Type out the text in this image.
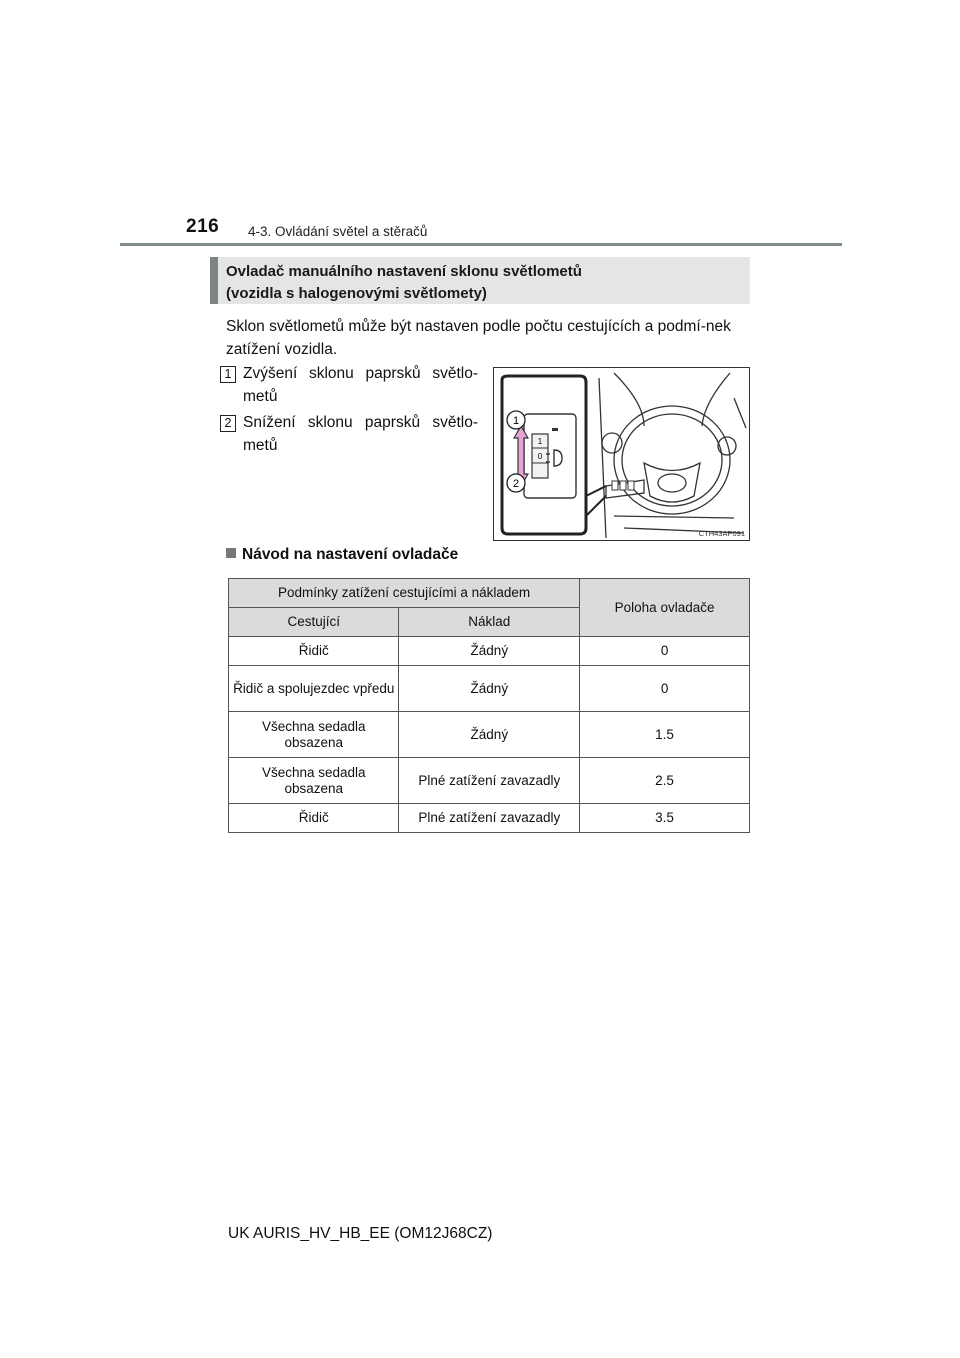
216 4-3. Ovládání světel a stěračů
Ovladač manuálního nastavení sklonu světlometů
(vozidla s halogenovými světlomety)
Sklon světlometů může být nastaven podle počtu cestujících a podmí-nek zatížení vozidla.
1 Zvýšení sklonu paprsků světlo-metů
2 Snížení sklonu paprsků světlo-metů
1
2
1
0
CTH43AP091
Návod na nastavení ovladače
Podmínky zatížení cestujícími a nákladem		Poloha ovladače
Cestující	Náklad	
Řidič	Žádný	0
Řidič a spolujezdec vpředu	Žádný	0
Všechna sedadla obsazena	Žádný	1.5
Všechna sedadla obsazena	Plné zatížení zavazadly	2.5
Řidič	Plné zatížení zavazadly	3.5
UK AURIS_HV_HB_EE (OM12J68CZ)
